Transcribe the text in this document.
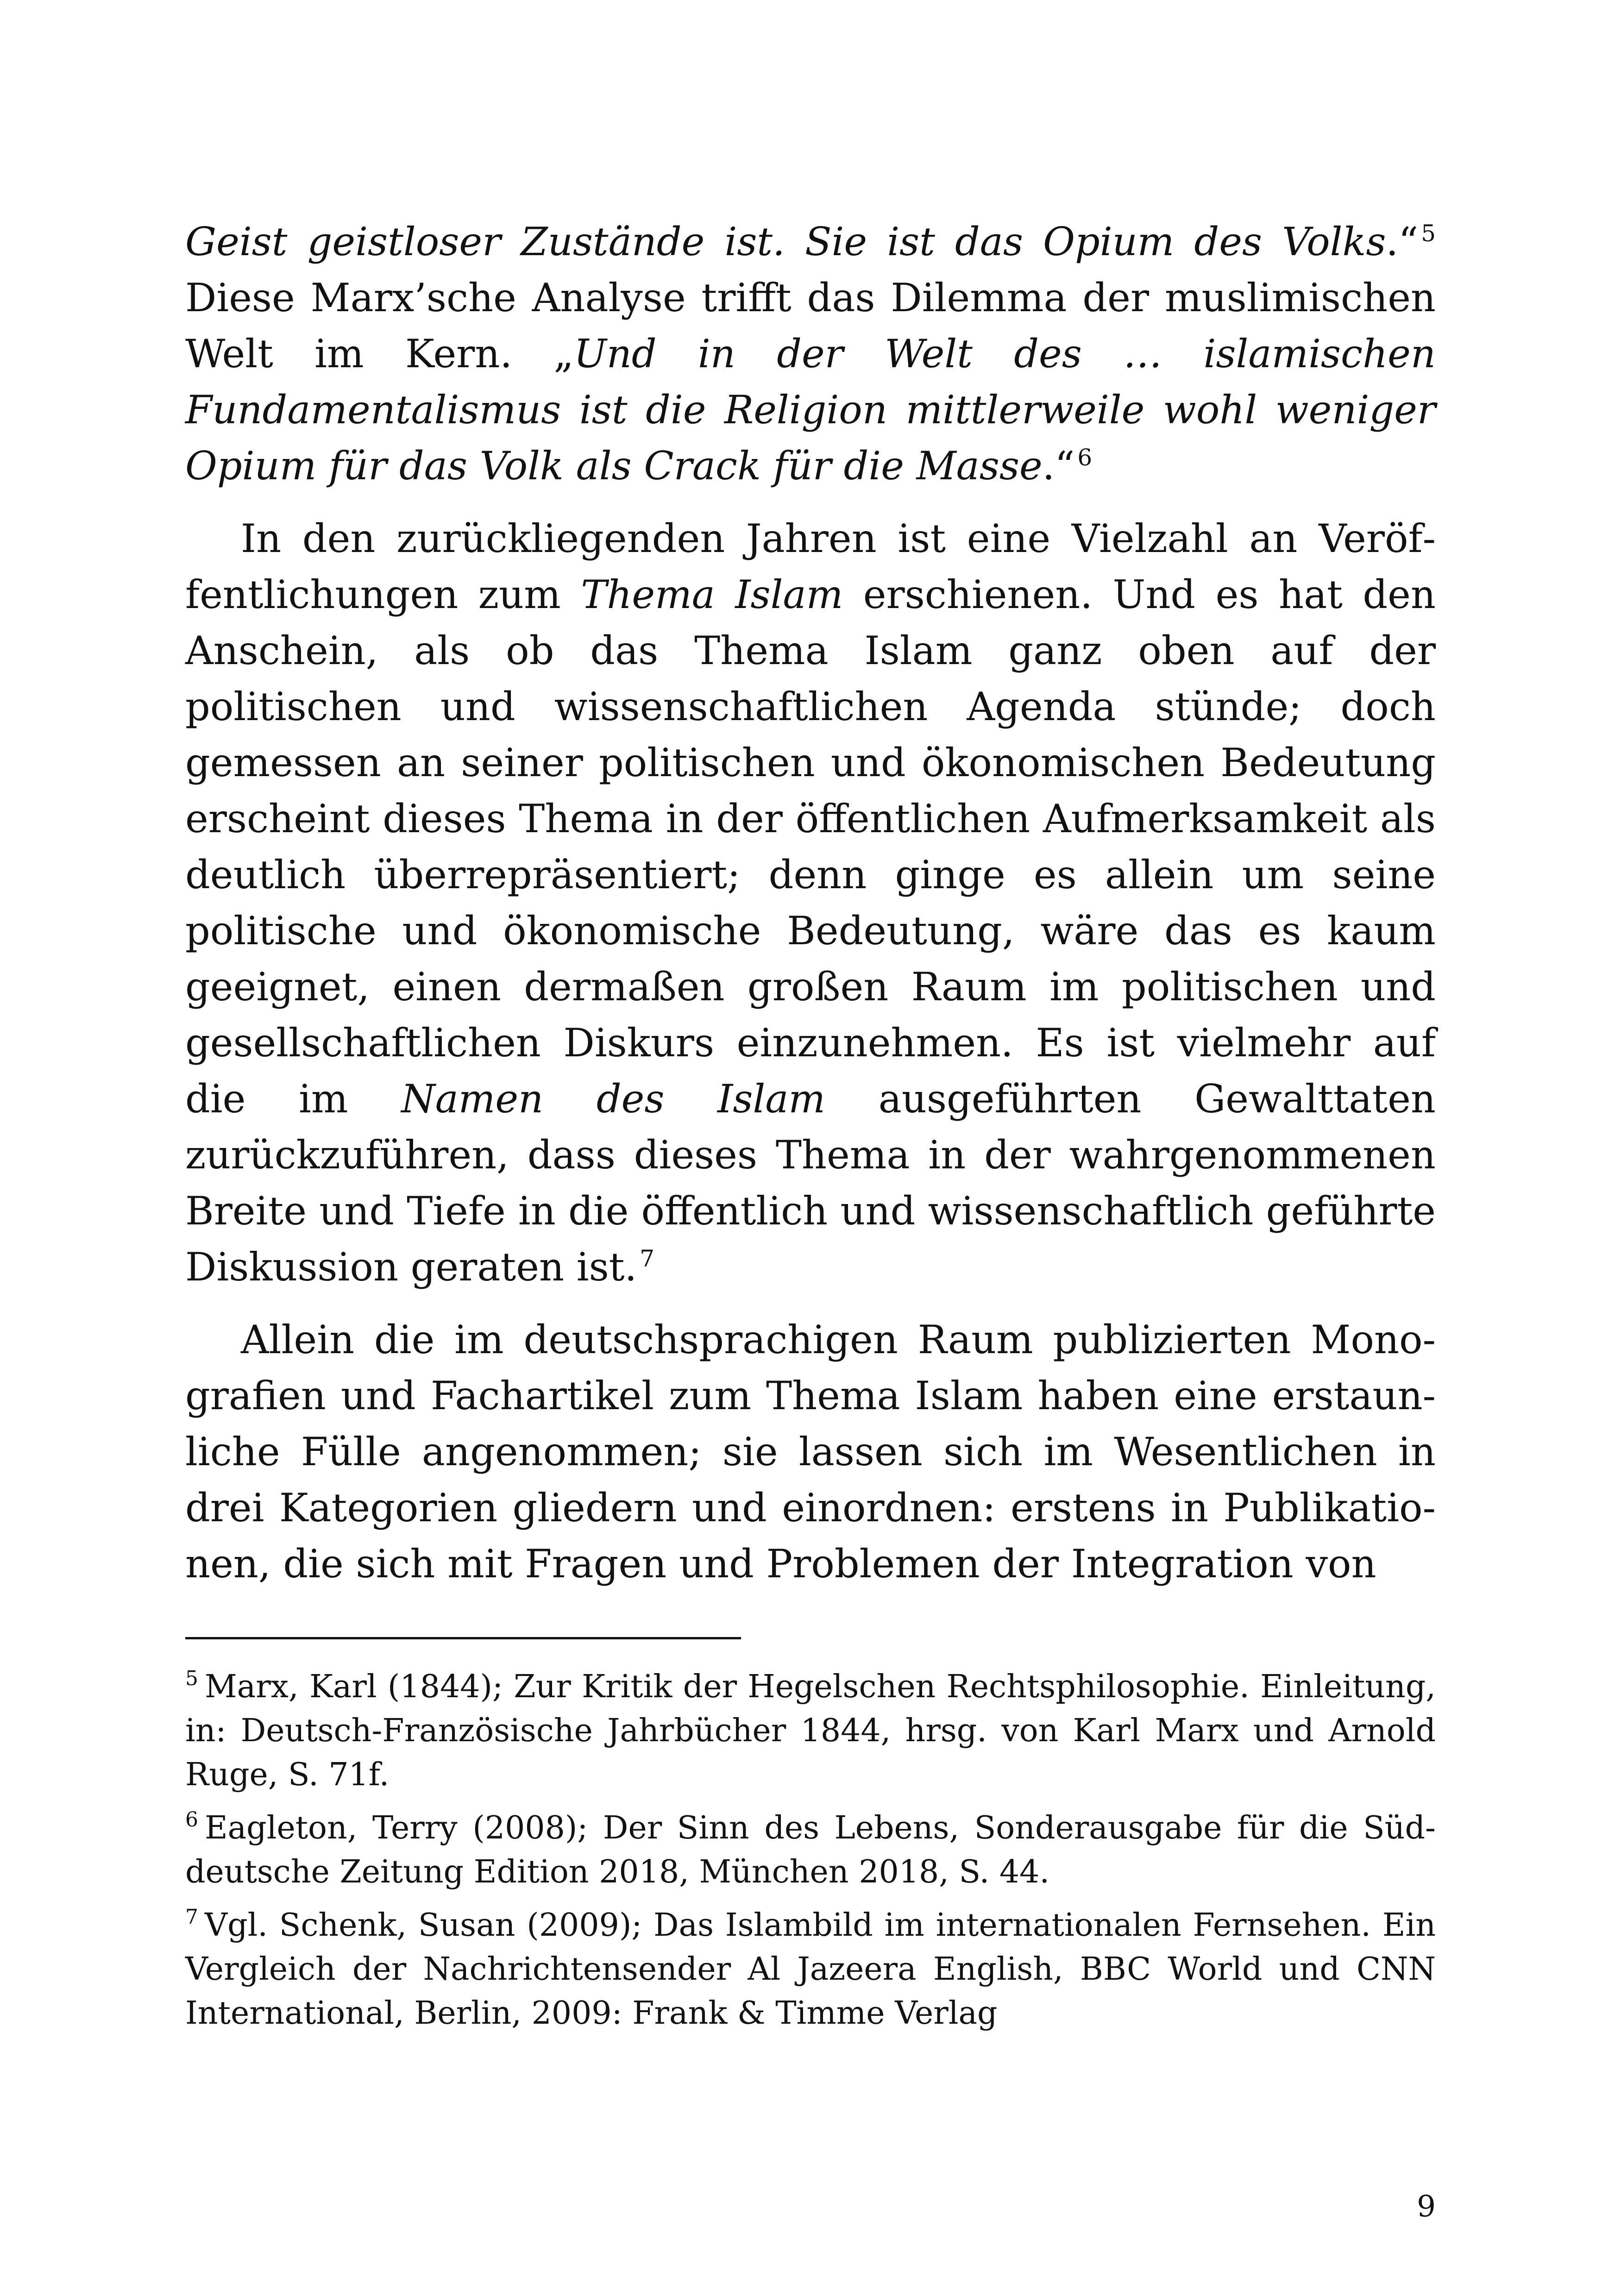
Geist geistloser Zustände ist. Sie ist das Opium des Volks.“ $^5$ Diese Marx’sche Analyse trifft das Dilemma der muslimischen Welt im Kern. „Und in der Welt des … islamischen Fundamentalismus ist die Religion mittlerweile wohl weniger Opium für das Volk als Crack für die Masse.“ $^6$

In den zurückliegenden Jahren ist eine Vielzahl an Veröffentlichungen zum Thema Islam erschienen. Und es hat den Anschein, als ob das Thema Islam ganz oben auf der politischen und wissenschaftlichen Agenda stünde; doch gemessen an seiner politischen und ökonomischen Bedeutung erscheint dieses Thema in der öffentlichen Aufmerksamkeit als deutlich überrepräsentiert; denn ginge es allein um seine politische und ökonomische Bedeutung, wäre das es kaum geeignet, einen dermaßen großen Raum im politischen und gesellschaftlichen Diskurs einzunehmen. Es ist vielmehr auf die im Namen des Islam ausgeführten Gewalttaten zurückzuführen, dass dieses Thema in der wahrgenommenen Breite und Tiefe in die öffentlich und wissenschaftlich geführte Diskussion geraten ist. $^7$

Allein die im deutschsprachigen Raum publizierten Monografien und Fachartikel zum Thema Islam haben eine erstaunliche Fülle angenommen; sie lassen sich im Wesentlichen in drei Kategorien gliedern und einordnen: erstens in Publikationen, die sich mit Fragen und Problemen der Integration von

$^5$ Marx, Karl (1844); Zur Kritik der Hegelschen Rechtsphilosophie. Einleitung, in: Deutsch-Französische Jahrbücher 1844, hrsg. von Karl Marx und Arnold Ruge, S. 71f.

$^6$ Eagleton, Terry (2008); Der Sinn des Lebens, Sonderausgabe für die Süddeutsche Zeitung Edition 2018, München 2018, S. 44.

$^7$ Vgl. Schenk, Susan (2009); Das Islambild im internationalen Fernsehen. Ein Vergleich der Nachrichtensender Al Jazeera English, BBC World und CNN International, Berlin, 2009: Frank & Timme Verlag

9
